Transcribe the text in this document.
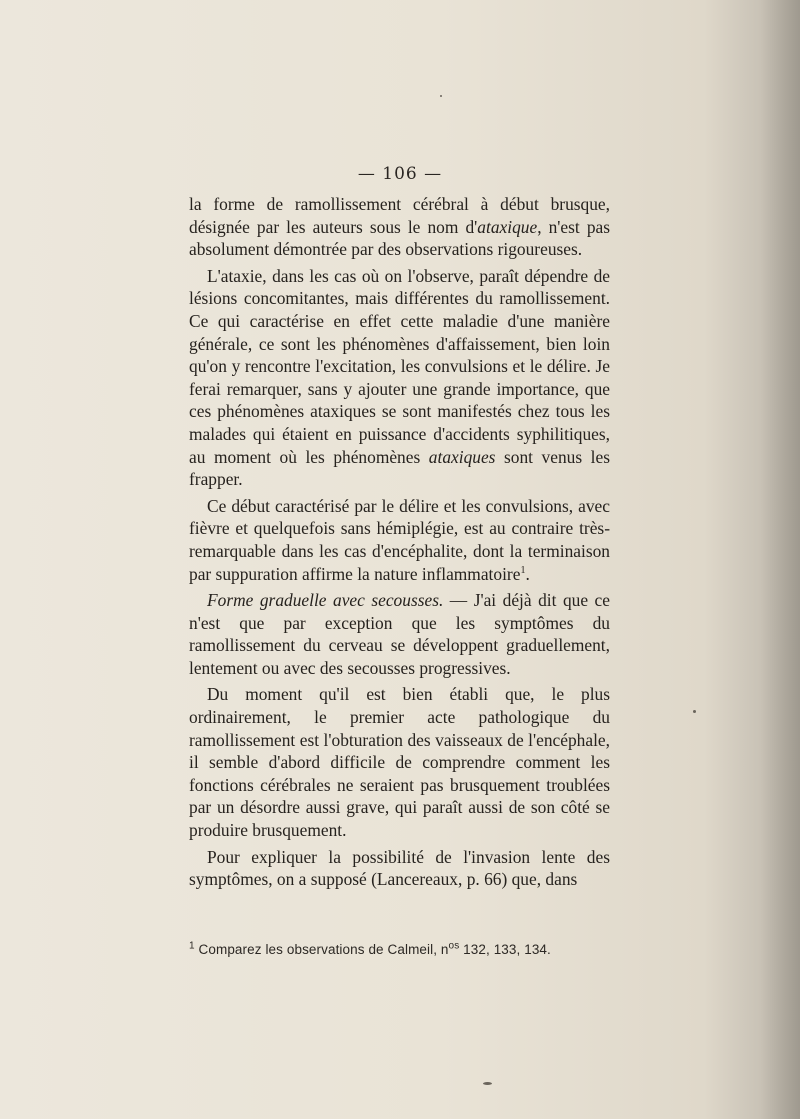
— 106 —

la forme de ramollissement cérébral à début brusque, désignée par les auteurs sous le nom d'ataxique, n'est pas absolument démontrée par des observations rigoureuses.

L'ataxie, dans les cas où on l'observe, paraît dépendre de lésions concomitantes, mais différentes du ramollissement. Ce qui caractérise en effet cette maladie d'une manière générale, ce sont les phénomènes d'affaissement, bien loin qu'on y rencontre l'excitation, les convulsions et le délire. Je ferai remarquer, sans y ajouter une grande importance, que ces phénomènes ataxiques se sont manifestés chez tous les malades qui étaient en puissance d'accidents syphilitiques, au moment où les phénomènes ataxiques sont venus les frapper.

Ce début caractérisé par le délire et les convulsions, avec fièvre et quelquefois sans hémiplégie, est au contraire très-remarquable dans les cas d'encéphalite, dont la terminaison par suppuration affirme la nature inflammatoire$^1$.

Forme graduelle avec secousses. — J'ai déjà dit que ce n'est que par exception que les symptômes du ramollissement du cerveau se développent graduellement, lentement ou avec des secousses progressives.

Du moment qu'il est bien établi que, le plus ordinairement, le premier acte pathologique du ramollissement est l'obturation des vaisseaux de l'encéphale, il semble d'abord difficile de comprendre comment les fonctions cérébrales ne seraient pas brusquement troublées par un désordre aussi grave, qui paraît aussi de son côté se produire brusquement.

Pour expliquer la possibilité de l'invasion lente des symptômes, on a supposé (Lancereaux, p. 66) que, dans

$^1$ Comparez les observations de Calmeil, $n^{os}$ 132, 133, 134.
